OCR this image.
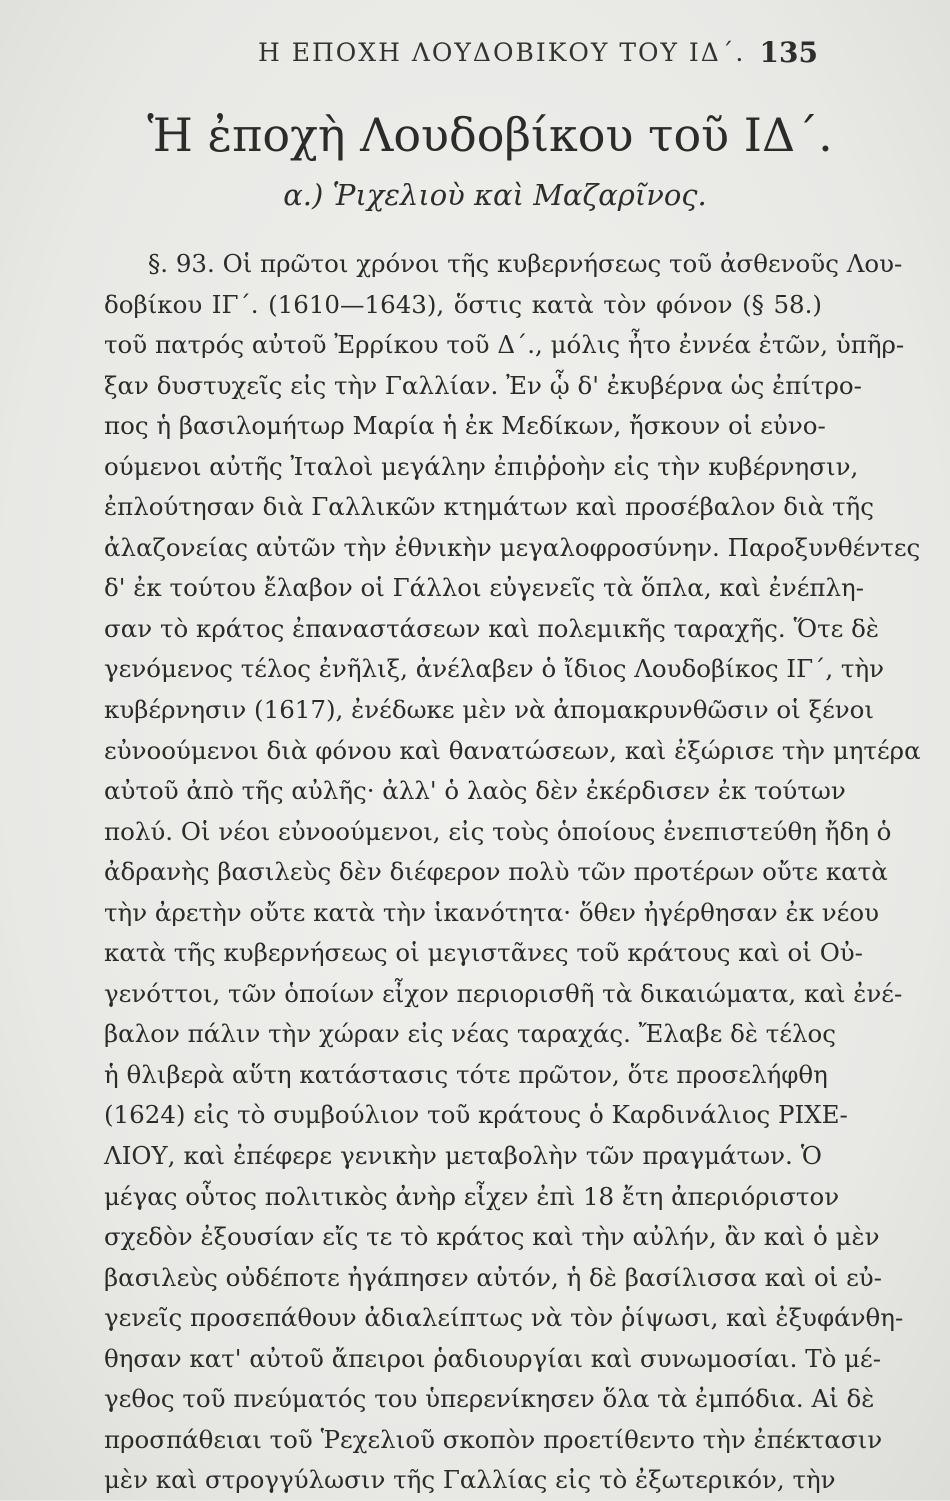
Η ΕΠΟΧΗ ΛΟΥΔΟΒΙΚΟΥ ΤΟΥ ΙΔ΄. 135
Ἡ ἐποχὴ Λουδοβίκου τοῦ ΙΔ΄.
α.) Ῥιχελιοὺ καὶ Μαζαρῖνος.
§. 93. Οἱ πρῶτοι χρόνοι τῆς κυβερνήσεως τοῦ ἀσθενοῦς Λου-
δοβίκου ΙΓ΄. (1610—1643), ὅστις κατὰ τὸν φόνον (§ 58.)
τοῦ πατρός αὐτοῦ Ἐρρίκου τοῦ Δ΄., μόλις ἦτο ἐννέα ἐτῶν, ὑπῆρ-
ξαν δυστυχεῖς εἰς τὴν Γαλλίαν. Ἐν ᾧ δ' ἐκυβέρνα ὡς ἐπίτρο-
πος ἡ βασιλομήτωρ Μαρία ἡ ἐκ Μεδίκων, ἤσκουν οἱ εὐνο-
ούμενοι αὐτῆς Ἰταλοὶ μεγάλην ἐπιῤῥοὴν εἰς τὴν κυβέρνησιν,
ἐπλούτησαν διὰ Γαλλικῶν κτημάτων καὶ προσέβαλον διὰ τῆς
ἀλαζονείας αὐτῶν τὴν ἐθνικὴν μεγαλοφροσύνην. Παροξυνθέντες
δ' ἐκ τούτου ἔλαβον οἱ Γάλλοι εὐγενεῖς τὰ ὅπλα, καὶ ἐνέπλη-
σαν τὸ κράτος ἐπαναστάσεων καὶ πολεμικῆς ταραχῆς. Ὅτε δὲ
γενόμενος τέλος ἐνῆλιξ, ἀνέλαβεν ὁ ἴδιος Λουδοβίκος ΙΓ΄, τὴν
κυβέρνησιν (1617), ἐνέδωκε μὲν νὰ ἀπομακρυνθῶσιν οἱ ξένοι
εὐνοούμενοι διὰ φόνου καὶ θανατώσεων, καὶ ἐξώρισε τὴν μητέρα
αὐτοῦ ἀπὸ τῆς αὐλῆς· ἀλλ' ὁ λαὸς δὲν ἐκέρδισεν ἐκ τούτων
πολύ. Οἱ νέοι εὐνοούμενοι, εἰς τοὺς ὁποίους ἐνεπιστεύθη ἤδη ὁ
ἀδρανὴς βασιλεὺς δὲν διέφερον πολὺ τῶν προτέρων οὔτε κατὰ
τὴν ἀρετὴν οὔτε κατὰ τὴν ἱκανότητα· ὅθεν ἠγέρθησαν ἐκ νέου
κατὰ τῆς κυβερνήσεως οἱ μεγιστᾶνες τοῦ κράτους καὶ οἱ Οὐ-
γενόττοι, τῶν ὁποίων εἶχον περιορισθῆ τὰ δικαιώματα, καὶ ἐνέ-
βαλον πάλιν τὴν χώραν εἰς νέας ταραχάς. Ἔλαβε δὲ τέλος
ἡ θλιβερὰ αὕτη κατάστασις τότε πρῶτον, ὅτε προσελήφθη
(1624) εἰς τὸ συμβούλιον τοῦ κράτους ὁ Καρδινάλιος ΡΙΧΕ-
ΛΙΟΥ, καὶ ἐπέφερε γενικὴν μεταβολὴν τῶν πραγμάτων. Ὁ
μέγας οὗτος πολιτικὸς ἀνὴρ εἶχεν ἐπὶ 18 ἔτη ἀπεριόριστον
σχεδὸν ἐξουσίαν εἴς τε τὸ κράτος καὶ τὴν αὐλήν, ἂν καὶ ὁ μὲν
βασιλεὺς οὐδέποτε ἠγάπησεν αὐτόν, ἡ δὲ βασίλισσα καὶ οἱ εὐ-
γενεῖς προσεπάθουν ἀδιαλείπτως νὰ τὸν ῥίψωσι, καὶ ἐξυφάνθη-
θησαν κατ' αὐτοῦ ἄπειροι ῥαδιουργίαι καὶ συνωμοσίαι. Τὸ μέ-
γεθος τοῦ πνεύματός του ὑπερενίκησεν ὅλα τὰ ἐμπόδια. Αἱ δὲ
προσπάθειαι τοῦ Ῥεχελιοῦ σκοπὸν προετίθεντο τὴν ἐπέκτασιν
μὲν καὶ στρογγύλωσιν τῆς Γαλλίας εἰς τὸ ἐξωτερικόν, τὴν
